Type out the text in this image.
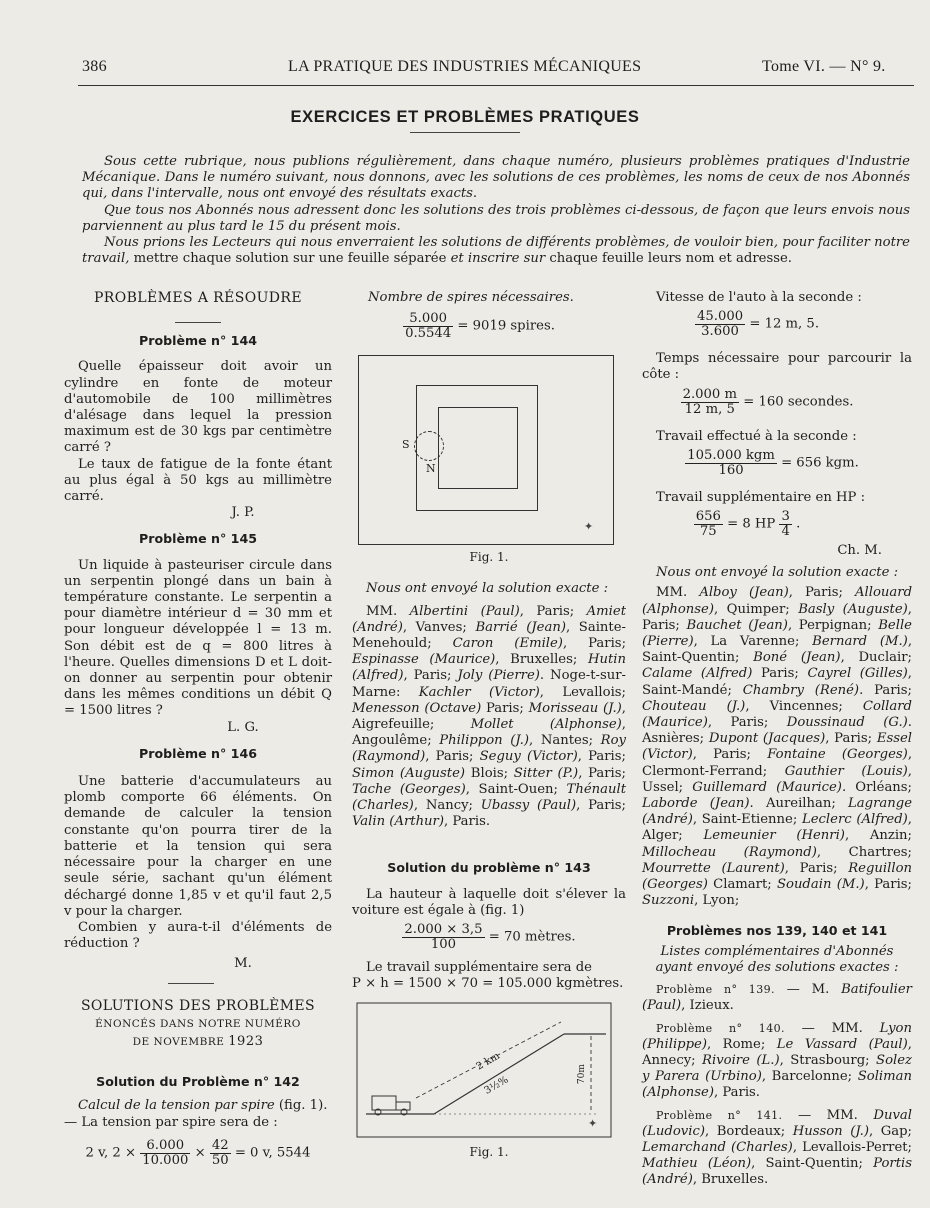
386	LA PRATIQUE DES INDUSTRIES MÉCANIQUES	Tome VI. — N° 9.
EXERCICES ET PROBLÈMES PRATIQUES

Sous cette rubrique, nous publions régulièrement, dans chaque numéro, plusieurs problèmes pratiques d'Industrie Mécanique. Dans le numéro suivant, nous donnons, avec les solutions de ces problèmes, les noms de ceux de nos Abonnés qui, dans l'intervalle, nous ont envoyé des résultats exacts.

Que tous nos Abonnés nous adressent donc les solutions des trois problèmes ci-dessous, de façon que leurs envois nous parviennent au plus tard le 15 du présent mois.

Nous prions les Lecteurs qui nous enverraient les solutions de différents problèmes, de vouloir bien, pour faciliter notre travail, mettre chaque solution sur une feuille séparée et inscrire sur chaque feuille leurs nom et adresse.

PROBLÈMES A RÉSOUDRE

Problème n° 144

Quelle épaisseur doit avoir un cylindre en fonte de moteur d'automobile de 100 millimètres d'alésage dans lequel la pression maximum est de 30 kgs par centimètre carré ?

Le taux de fatigue de la fonte étant au plus égal à 50 kgs au millimètre carré.

J. P.

Problème n° 145

Un liquide à pasteuriser circule dans un serpentin plongé dans un bain à température constante. Le serpentin a pour diamètre intérieur d = 30 mm et pour longueur développée l = 13 m. Son débit est de q = 800 litres à l'heure. Quelles dimensions D et L doit-on donner au serpentin pour obtenir dans les mêmes conditions un débit Q = 1500 litres ?

L. G.

Problème n° 146

Une batterie d'accumulateurs au plomb comporte 66 éléments. On demande de calculer la tension constante qu'on pourra tirer de la batterie et la tension qui sera nécessaire pour la charger en une seule série, sachant qu'un élément déchargé donne 1,85 v et qu'il faut 2,5 v pour la charger.

Combien y aura-t-il d'éléments de réduction ?

M.

SOLUTIONS DES PROBLÈMES

ÉNONCÉS DANS NOTRE NUMÉRO

DE NOVEMBRE 1923

Solution du Problème n° 142

Calcul de la tension par spire (fig. 1).

— La tension par spire sera de :

2 v, $2 \times \frac{6.000}{10.000} \times \frac{42}{50} = 0$ v, 5544

Nombre de spires nécessaires.

$\frac{5.000}{0.5544} = 9019$ spires.
S
N
✦

Fig. 1.

Nous ont envoyé la solution exacte :

MM. Albertini (Paul), Paris; Amiet (André), Vanves; Barrié (Jean), Sainte-Menehould; Caron (Emile), Paris; Espinasse (Maurice), Bruxelles; Hutin (Alfred), Paris; Joly (Pierre). Noge-t-sur-Marne: Kachler (Victor), Levallois; Menesson (Octave) Paris; Morisseau (J.), Aigrefeuille; Mollet (Alphonse), Angoulême; Philippon (J.), Nantes; Roy (Raymond), Paris; Seguy (Victor), Paris; Simon (Auguste) Blois; Sitter (P.), Paris; Tache (Georges), Saint-Ouen; Thénault (Charles), Nancy; Ubassy (Paul), Paris; Valin (Arthur), Paris.

Solution du problème n° 143

La hauteur à laquelle doit s'élever la voiture est égale à (fig. 1)

$\frac{2.000 \times 3,5}{100} = 70$ mètres.

Le travail supplémentaire sera de

P × h = 1500 × 70 = 105.000 kgmètres.

2 km
3½%
70m
✦

Fig. 1.

Vitesse de l'auto à la seconde :

$\frac{45.000}{3.600} = 12$ m, 5.

Temps nécessaire pour parcourir la côte :

$\frac{2.000 m}{12 m, 5} = 160$ secondes.

Travail effectué à la seconde :

$\frac{\text{105.000 kgm}}{160} = 656$ kgm.

Travail supplémentaire en HP :

$\frac{656}{75} = 8$ HP $\frac{3}{4}$ .

Ch. M.

Nous ont envoyé la solution exacte :

MM. Alboy (Jean), Paris; Allouard (Alphonse), Quimper; Basly (Auguste), Paris; Bauchet (Jean), Perpignan; Belle (Pierre), La Varenne; Bernard (M.), Saint-Quentin; Boné (Jean), Duclair; Calame (Alfred) Paris; Cayrel (Gilles), Saint-Mandé; Chambry (René). Paris; Chouteau (J.), Vincennes; Collard (Maurice), Paris; Doussinaud (G.). Asnières; Dupont (Jacques), Paris; Essel (Victor), Paris; Fontaine (Georges), Clermont-Ferrand; Gauthier (Louis), Ussel; Guillemard (Maurice). Orléans; Laborde (Jean). Aureilhan; Lagrange (André), Saint-Etienne; Leclerc (Alfred), Alger; Lemeunier (Henri), Anzin; Millocheau (Raymond), Chartres; Mourrette (Laurent), Paris; Reguillon (Georges) Clamart; Soudain (M.), Paris; Suzzoni, Lyon;

Problèmes nos 139, 140 et 141

Listes complémentaires d'Abonnés ayant envoyé des solutions exactes :

Problème n° 139. — M. Batifoulier (Paul), Izieux.

Problème n° 140. — MM. Lyon (Philippe), Rome; Le Vassard (Paul), Annecy; Rivoire (L.), Strasbourg; Solez y Parera (Urbino), Barcelonne; Soliman (Alphonse), Paris.

Problème n° 141. — MM. Duval (Ludovic), Bordeaux; Husson (J.), Gap; Lemarchand (Charles), Levallois-Perret; Mathieu (Léon), Saint-Quentin; Portis (André), Bruxelles.
